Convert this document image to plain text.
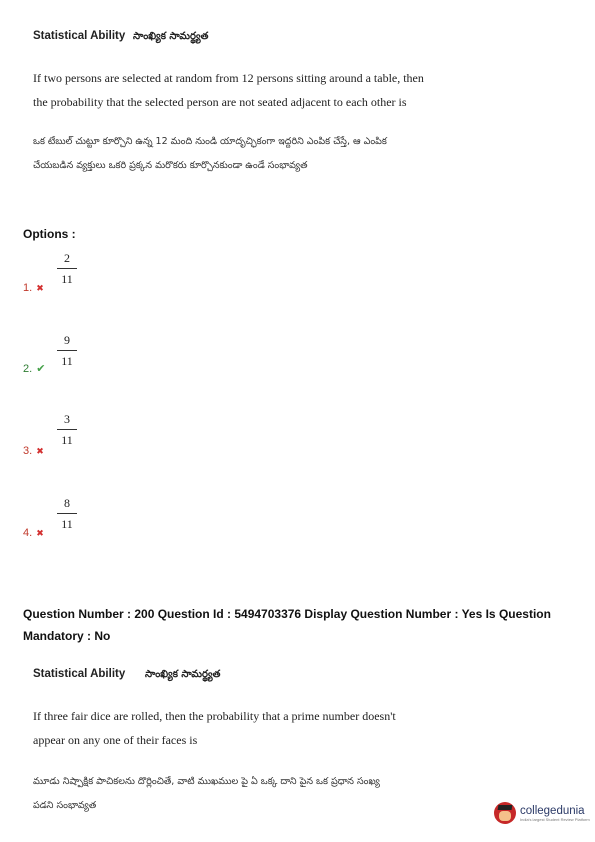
Statistical Ability సాంఖ్యిక సామర్థ్యత
If two persons are selected at random from 12 persons sitting around a table, then
the probability that the selected person are not seated adjacent to each other is
ఒక టేబుల్ చుట్టూ కూర్చొని ఉన్న 12 మంది నుండి యాదృచ్ఛికంగా ఇద్దరిని ఎంపిక చేస్తే, ఆ ఎంపిక
చేయబడిన వ్యక్తులు ఒకరి ప్రక్కన మరొకరు కూర్చొనకుండా ఉండే సంభావ్యత
Options :
2
11
1. ✖
9
11
2. ✔
3
11
3. ✖
8
11
4. ✖
Question Number : 200 Question Id : 5494703376 Display Question Number : Yes Is Question
Mandatory : No
Statistical Ability సాంఖ్యిక సామర్థ్యత
If three fair dice are rolled, then the probability that a prime number doesn't
appear on any one of their faces is
మూడు నిష్పాక్షిక పాచికలను దొర్లించితే, వాటి ముఖముల పై ఏ ఒక్క దాని పైన ఒక ప్రధాన సంఖ్య
పడని సంభావ్యత	collegedunia
India's largest Student Review Platform
